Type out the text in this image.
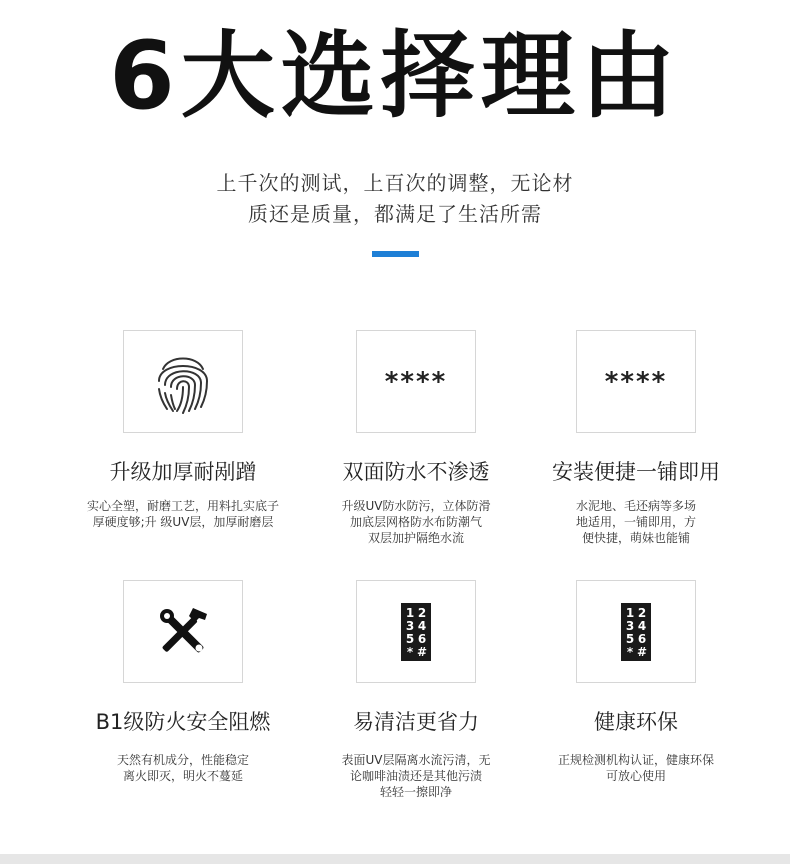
6大选择理由
上千次的测试，上百次的调整，无论材
质还是质量，都满足了生活所需
升级加厚耐剐蹭
实心全塑，耐磨工艺，用料扎实底子
厚硬度够;升 级UV层，加厚耐磨层
****
双面防水不渗透
升级UV防水防污，立体防滑
加底层网格防水布防潮气
双层加护隔绝水流
****
安装便捷一铺即用
水泥地、毛还病等多场
地适用，一铺即用，方
便快捷，萌妹也能铺
B1级防火安全阻燃
天然有机成分，性能稳定
离火即灭，明火不蔓延
1 2
3 4
5 6
* #
易清洁更省力
表面UV层隔离水流污清，无
论咖啡油渍还是其他污渍
轻轻一擦即净
1 2
3 4
5 6
* #
健康环保
正规检测机构认证，健康环保
可放心使用
